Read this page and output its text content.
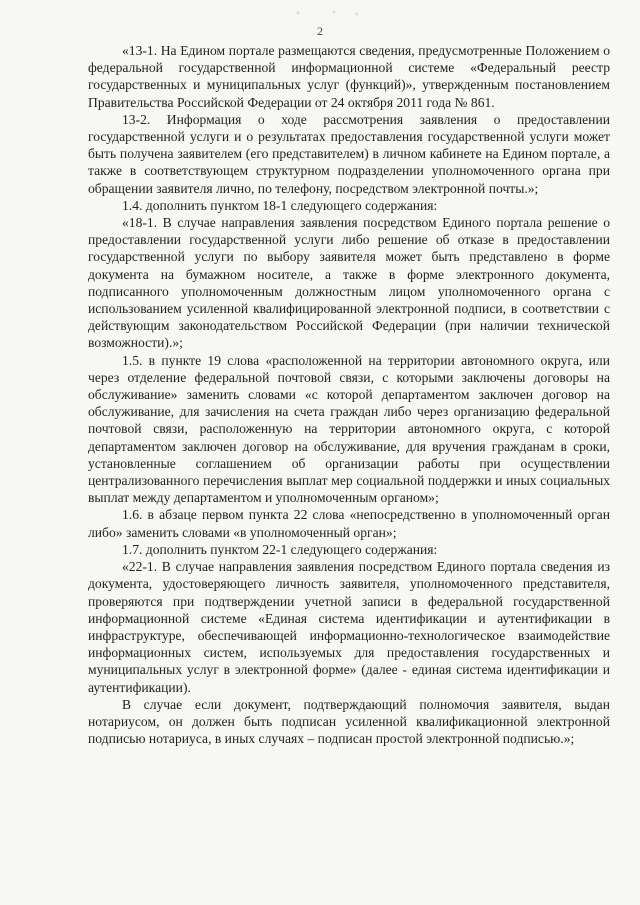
2

«13-1. На Едином портале размещаются сведения, предусмотренные Положением о федеральной государственной информационной системе «Федеральный реестр государственных и муниципальных услуг (функций)», утвержденным постановлением Правительства Российской Федерации от 24 октября 2011 года № 861.

13-2. Информация о ходе рассмотрения заявления о предоставлении государственной услуги и о результатах предоставления государственной услуги может быть получена заявителем (его представителем) в личном кабинете на Едином портале, а также в соответствующем структурном подразделении уполномоченного органа при обращении заявителя лично, по телефону, посредством электронной почты.»;

1.4. дополнить пунктом 18-1 следующего содержания:

«18-1. В случае направления заявления посредством Единого портала решение о предоставлении государственной услуги либо решение об отказе в предоставлении государственной услуги по выбору заявителя может быть представлено в форме документа на бумажном носителе, а также в форме электронного документа, подписанного уполномоченным должностным лицом уполномоченного органа с использованием усиленной квалифицированной электронной подписи, в соответствии с действующим законодательством Российской Федерации (при наличии технической возможности).»;

1.5. в пункте 19 слова «расположенной на территории автономного округа, или через отделение федеральной почтовой связи, с которыми заключены договоры на обслуживание» заменить словами «с которой департаментом заключен договор на обслуживание, для зачисления на счета граждан либо через организацию федеральной почтовой связи, расположенную на территории автономного округа, с которой департаментом заключен договор на обслуживание, для вручения гражданам в сроки, установленные соглашением об организации работы при осуществлении централизованного перечисления выплат мер социальной поддержки и иных социальных выплат между департаментом и уполномоченным органом»;

1.6. в абзаце первом пункта 22 слова «непосредственно в уполномоченный орган либо» заменить словами «в уполномоченный орган»;

1.7. дополнить пунктом 22-1 следующего содержания:

«22-1. В случае направления заявления посредством Единого портала сведения из документа, удостоверяющего личность заявителя, уполномоченного представителя, проверяются при подтверждении учетной записи в федеральной государственной информационной системе «Единая система идентификации и аутентификации в инфраструктуре, обеспечивающей информационно-технологическое взаимодействие информационных систем, используемых для предоставления государственных и муниципальных услуг в электронной форме» (далее - единая система идентификации и аутентификации).

В случае если документ, подтверждающий полномочия заявителя, выдан нотариусом, он должен быть подписан усиленной квалификационной электронной подписью нотариуса, в иных случаях – подписан простой электронной подписью.»;
